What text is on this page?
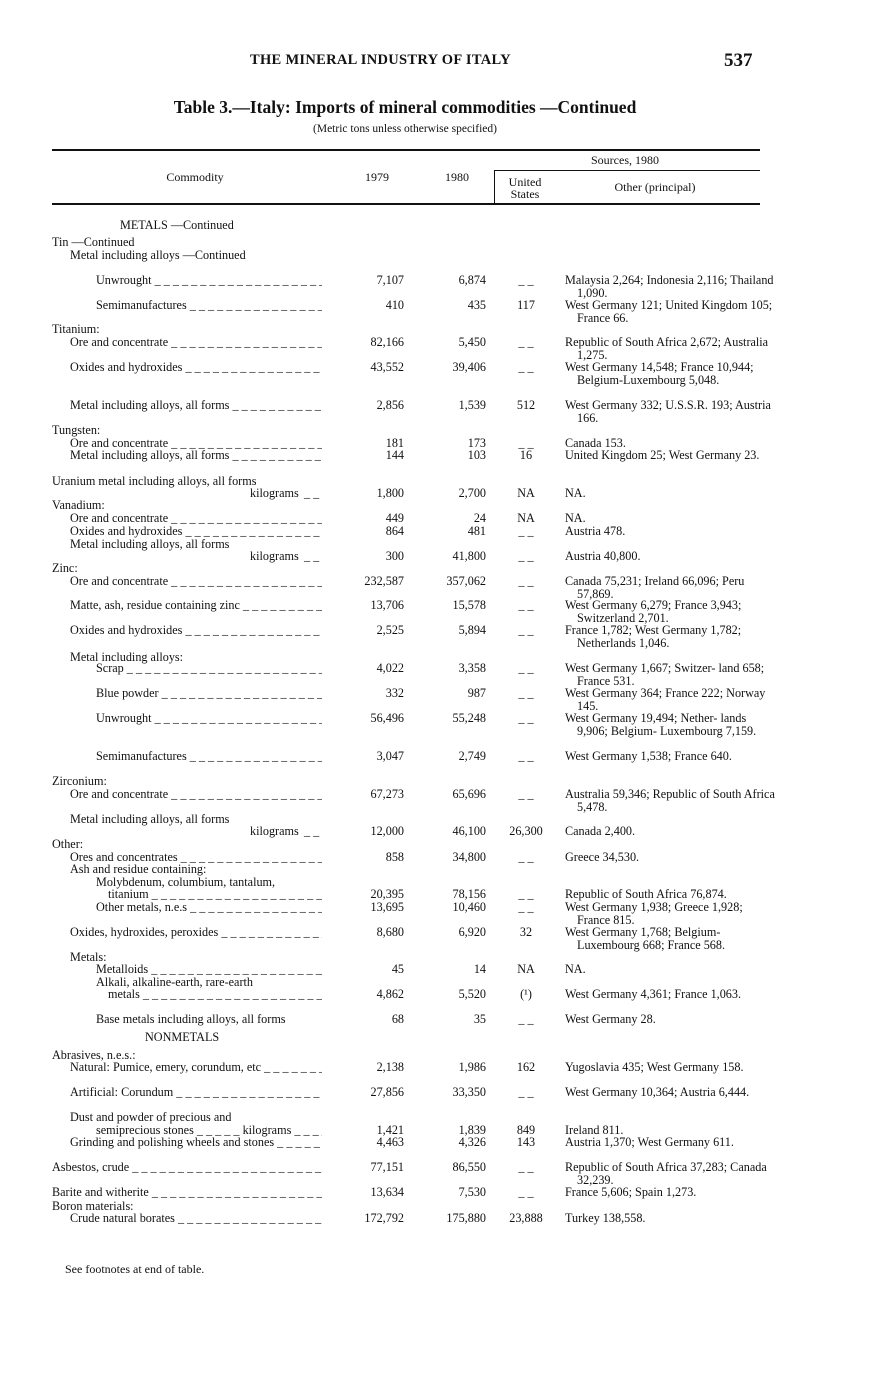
THE MINERAL INDUSTRY OF ITALY	537
Table 3.—Italy: Imports of mineral commodities —Continued
(Metric tons unless otherwise specified)
Commodity	1979	1980
Sources, 1980
United
States	Other (principal)
METALS —Continued
Tin —Continued
Metal including alloys —Continued
Unwrought _ _ _	7,107	6,874	_ _	Malaysia 2,264; Indonesia 2,116; Thailand 1,090.
Semimanufactures _ _ _	410	435	117	West Germany 121; United Kingdom 105; France 66.
Titanium:
Ore and concentrate _ _ _	82,166	5,450	_ _	Republic of South Africa 2,672; Australia 1,275.
Oxides and hydroxides _ _ _	43,552	39,406	_ _	West Germany 14,548; France 10,944; Belgium-Luxembourg 5,048.
Metal including alloys, all forms _ _ _	2,856	1,539	512	West Germany 332; U.S.S.R. 193; Austria 166.
Tungsten:
Ore and concentrate _ _ _	181	173	_ _	Canada 153.
Metal including alloys, all forms _ _ _	144	103	16	United Kingdom 25; West Germany 23.
Uranium metal including alloys, all forms
kilograms _ _	1,800	2,700	NA	NA.
Vanadium:
Ore and concentrate _ _ _	449	24	NA	NA.
Oxides and hydroxides _ _ _	864	481	_ _	Austria 478.
Metal including alloys, all forms
kilograms _ _	300	41,800	_ _	Austria 40,800.
Zinc:
Ore and concentrate _ _ _	232,587	357,062	_ _	Canada 75,231; Ireland 66,096; Peru 57,869.
Matte, ash, residue containing zinc _ _ _	13,706	15,578	_ _	West Germany 6,279; France 3,943; Switzerland 2,701.
Oxides and hydroxides _ _ _	2,525	5,894	_ _	France 1,782; West Germany 1,782; Netherlands 1,046.
Metal including alloys:
Scrap _ _ _	4,022	3,358	_ _	West Germany 1,667; Switzer- land 658; France 531.
Blue powder _ _ _	332	987	_ _	West Germany 364; France 222; Norway 145.
Unwrought _ _ _	56,496	55,248	_ _	West Germany 19,494; Nether- lands 9,906; Belgium- Luxembourg 7,159.
Semimanufactures _ _ _	3,047	2,749	_ _	West Germany 1,538; France 640.
Zirconium:
Ore and concentrate _ _ _	67,273	65,696	_ _	Australia 59,346; Republic of South Africa 5,478.
Metal including alloys, all forms
kilograms _ _	12,000	46,100	26,300	Canada 2,400.
Other:
Ores and concentrates _ _ _	858	34,800	_ _	Greece 34,530.
Ash and residue containing:
Molybdenum, columbium, tantalum,
titanium _ _ _	20,395	78,156	_ _	Republic of South Africa 76,874.
Other metals, n.e.s _ _ _	13,695	10,460	_ _	West Germany 1,938; Greece 1,928; France 815.
Oxides, hydroxides, peroxides _ _ _	8,680	6,920	32	West Germany 1,768; Belgium- Luxembourg 668; France 568.
Metals:
Metalloids _ _ _	45	14	NA	NA.
Alkali, alkaline-earth, rare-earth
metals _ _ _	4,862	5,520	(¹)	West Germany 4,361; France 1,063.
Base metals including alloys, all forms	68	35	_ _	West Germany 28.
NONMETALS
Abrasives, n.e.s.:
Natural: Pumice, emery, corundum, etc _ _ _	2,138	1,986	162	Yugoslavia 435; West Germany 158.
Artificial: Corundum _ _ _	27,856	33,350	_ _	West Germany 10,364; Austria 6,444.
Dust and powder of precious and
semiprecious stones _ _ _ _ _ kilograms _ _ _	1,421	1,839	849	Ireland 811.
Grinding and polishing wheels and stones _ _ _	4,463	4,326	143	Austria 1,370; West Germany 611.
Asbestos, crude _ _ _	77,151	86,550	_ _	Republic of South Africa 37,283; Canada 32,239.
Barite and witherite _ _ _	13,634	7,530	_ _	France 5,606; Spain 1,273.
Boron materials:
Crude natural borates _ _ _	172,792	175,880	23,888	Turkey 138,558.
See footnotes at end of table.
